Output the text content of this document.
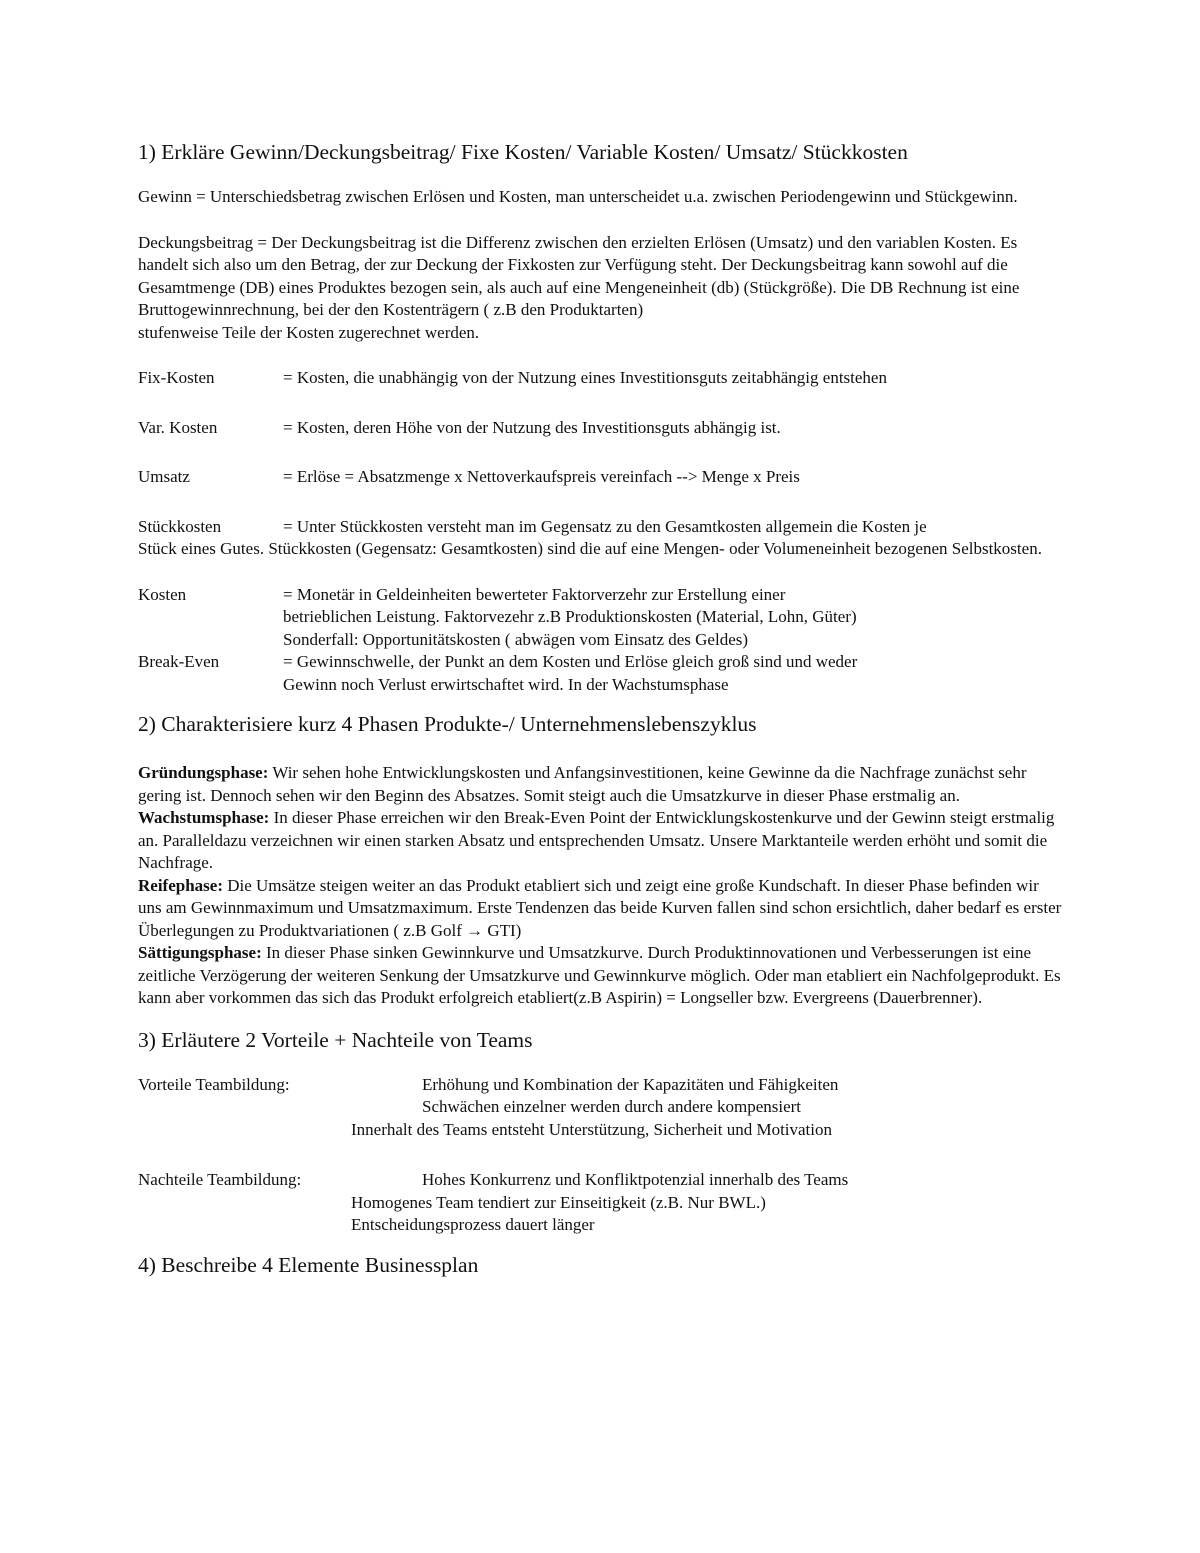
1) Erkläre Gewinn/Deckungsbeitrag/ Fixe Kosten/ Variable Kosten/ Umsatz/ Stückkosten

Gewinn = Unterschiedsbetrag zwischen Erlösen und Kosten, man unterscheidet u.a. zwischen Periodengewinn und Stückgewinn.

Deckungsbeitrag = Der Deckungsbeitrag ist die Differenz zwischen den erzielten Erlösen (Umsatz) und den variablen Kosten. Es handelt sich also um den Betrag, der zur Deckung der Fixkosten zur Verfügung steht. Der Deckungsbeitrag kann sowohl auf die Gesamtmenge (DB) eines Produktes bezogen sein, als auch auf eine Mengeneinheit (db) (Stückgröße). Die DB Rechnung ist eine Bruttogewinnrechnung, bei der den Kostenträgern ( z.B den Produktarten)

stufenweise Teile der Kosten zugerechnet werden.

Fix-Kosten	= Kosten, die unabhängig von der Nutzung eines Investitionsguts zeitabhängig entstehen
Var. Kosten	= Kosten, deren Höhe von der Nutzung des Investitionsguts abhängig ist.
Umsatz	= Erlöse = Absatzmenge x Nettoverkaufspreis vereinfach --> Menge x Preis
Stückkosten	= Unter Stückkosten versteht man im Gegensatz zu den Gesamtkosten allgemein die Kosten je

Stück eines Gutes. Stückkosten (Gegensatz: Gesamtkosten) sind die auf eine Mengen- oder Volumeneinheit bezogenen Selbstkosten.

Kosten	= Monetär in Geldeinheiten bewerteter Faktorverzehr zur Erstellung einer
betrieblichen Leistung. Faktorvezehr z.B Produktionskosten (Material, Lohn, Güter)
Sonderfall: Opportunitätskosten ( abwägen vom Einsatz des Geldes)
Break-Even	= Gewinnschwelle, der Punkt an dem Kosten und Erlöse gleich groß sind und weder
Gewinn noch Verlust erwirtschaftet wird. In der Wachstumsphase
2) Charakterisiere kurz 4 Phasen Produkte-/ Unternehmenslebenszyklus

Gründungsphase: Wir sehen hohe Entwicklungskosten und Anfangsinvestitionen, keine Gewinne da die Nachfrage zunächst sehr gering ist. Dennoch sehen wir den Beginn des Absatzes. Somit steigt auch die Umsatzkurve in dieser Phase erstmalig an.

Wachstumsphase: In dieser Phase erreichen wir den Break-Even Point der Entwicklungskostenkurve und der Gewinn steigt erstmalig an. Paralleldazu verzeichnen wir einen starken Absatz und entsprechenden Umsatz. Unsere Marktanteile werden erhöht und somit die Nachfrage.

Reifephase: Die Umsätze steigen weiter an das Produkt etabliert sich und zeigt eine große Kundschaft. In dieser Phase befinden wir uns am Gewinnmaximum und Umsatzmaximum. Erste Tendenzen das beide Kurven fallen sind schon ersichtlich, daher bedarf es erster Überlegungen zu Produktvariationen ( z.B Golf → GTI)

Sättigungsphase: In dieser Phase sinken Gewinnkurve und Umsatzkurve. Durch Produktinnovationen und Verbesserungen ist eine zeitliche Verzögerung der weiteren Senkung der Umsatzkurve und Gewinnkurve möglich. Oder man etabliert ein Nachfolgeprodukt. Es kann aber vorkommen das sich das Produkt erfolgreich etabliert(z.B Aspirin) = Longseller bzw. Evergreens (Dauerbrenner).

3) Erläutere 2 Vorteile + Nachteile von Teams
Vorteile Teambildung:	Erhöhung und Kombination der Kapazitäten und Fähigkeiten
Schwächen einzelner werden durch andere kompensiert
Innerhalt des Teams entsteht Unterstützung, Sicherheit und Motivation
Nachteile Teambildung:	Hohes Konkurrenz und Konfliktpotenzial innerhalb des Teams
Homogenes Team tendiert zur Einseitigkeit (z.B. Nur BWL.)
Entscheidungsprozess dauert länger
4) Beschreibe 4 Elemente Businessplan
